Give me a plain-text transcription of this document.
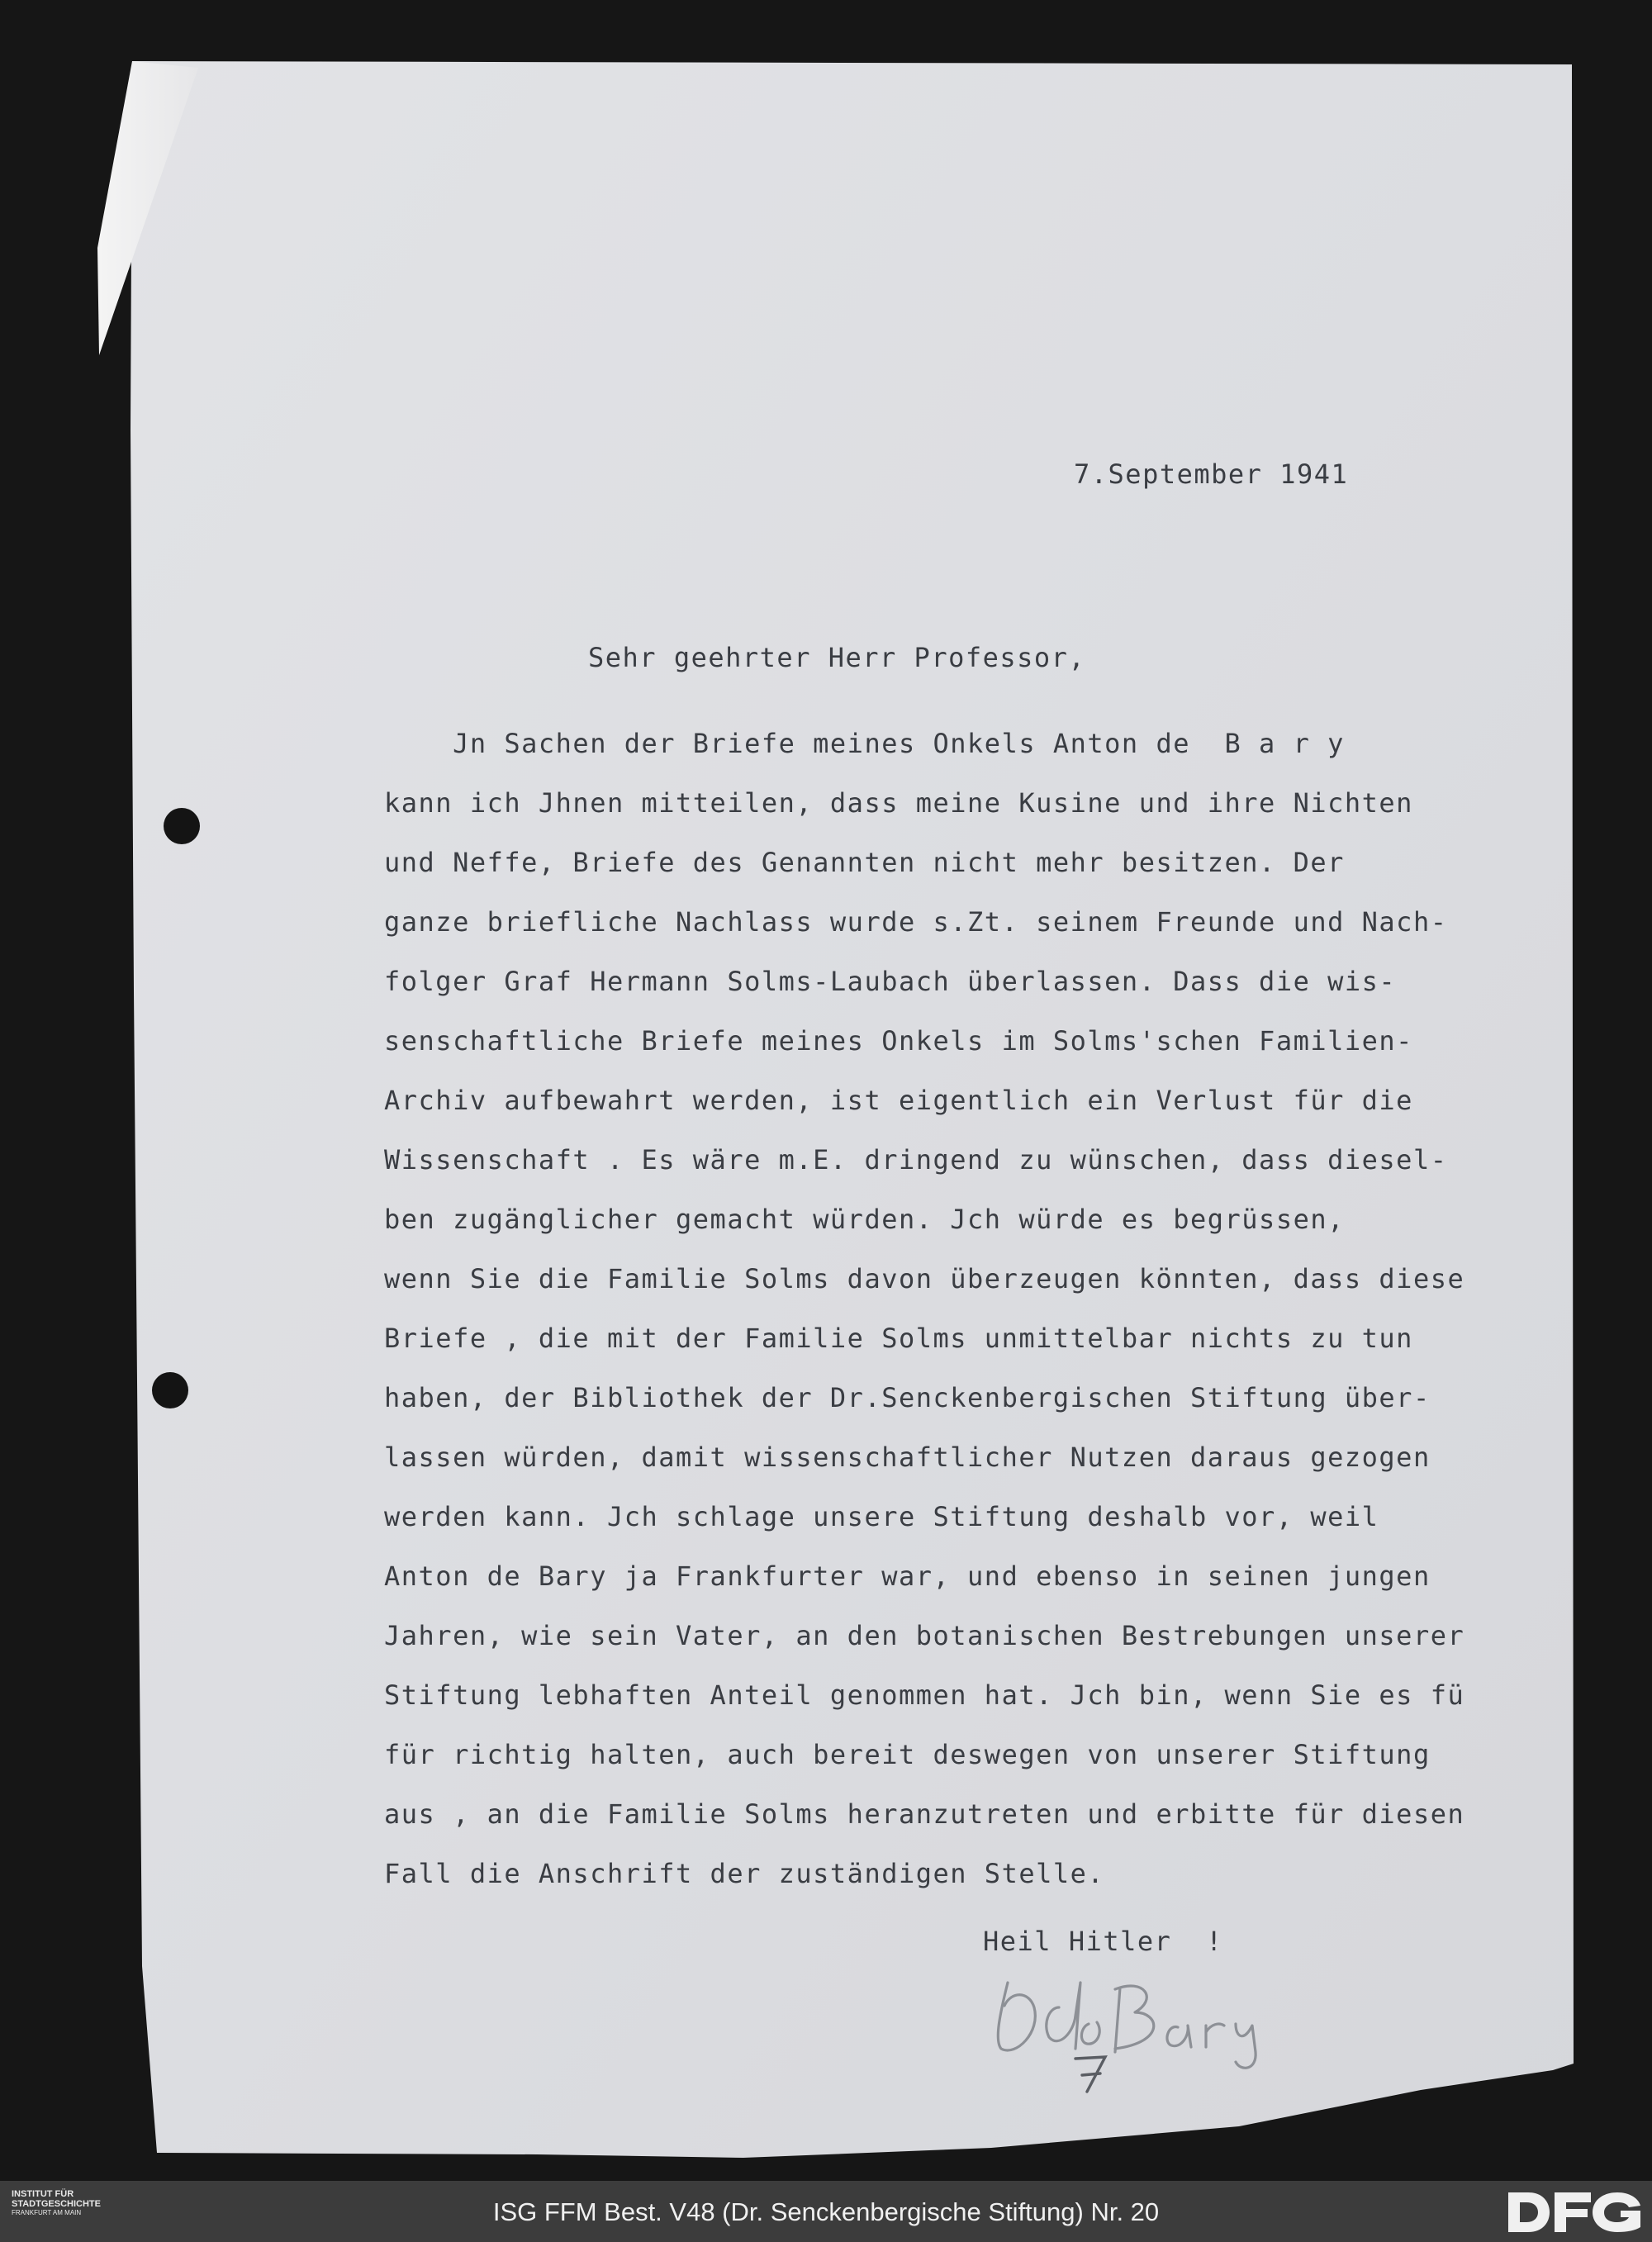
7.September 1941

Sehr geehrter Herr Professor,

Jn Sachen der Briefe meines Onkels Anton de  B a r y
kann ich Jhnen mitteilen, dass meine Kusine und ihre Nichten
und Neffe, Briefe des Genannten nicht mehr besitzen. Der
ganze briefliche Nachlass wurde s.Zt. seinem Freunde und Nach-
folger Graf Hermann Solms-Laubach überlassen. Dass die wis-
senschaftliche Briefe meines Onkels im Solms'schen Familien-
Archiv aufbewahrt werden, ist eigentlich ein Verlust für die
Wissenschaft . Es wäre m.E. dringend zu wünschen, dass diesel-
ben zugänglicher gemacht würden. Jch würde es begrüssen,
wenn Sie die Familie Solms davon überzeugen könnten, dass diese
Briefe , die mit der Familie Solms unmittelbar nichts zu tun
haben, der Bibliothek der Dr.Senckenbergischen Stiftung über-
lassen würden, damit wissenschaftlicher Nutzen daraus gezogen
werden kann. Jch schlage unsere Stiftung deshalb vor, weil
Anton de Bary ja Frankfurter war, und ebenso in seinen jungen
Jahren, wie sein Vater, an den botanischen Bestrebungen unserer
Stiftung lebhaften Anteil genommen hat. Jch bin, wenn Sie es fü
für richtig halten, auch bereit deswegen von unserer Stiftung
aus , an die Familie Solms heranzutreten und erbitte für diesen
Fall die Anschrift der zuständigen Stelle.

Heil Hitler  !

INSTITUT FÜR
STADTGESCHICHTE
FRANKFURT AM MAIN	ISG FFM Best. V48 (Dr. Senckenbergische Stiftung) Nr. 20
